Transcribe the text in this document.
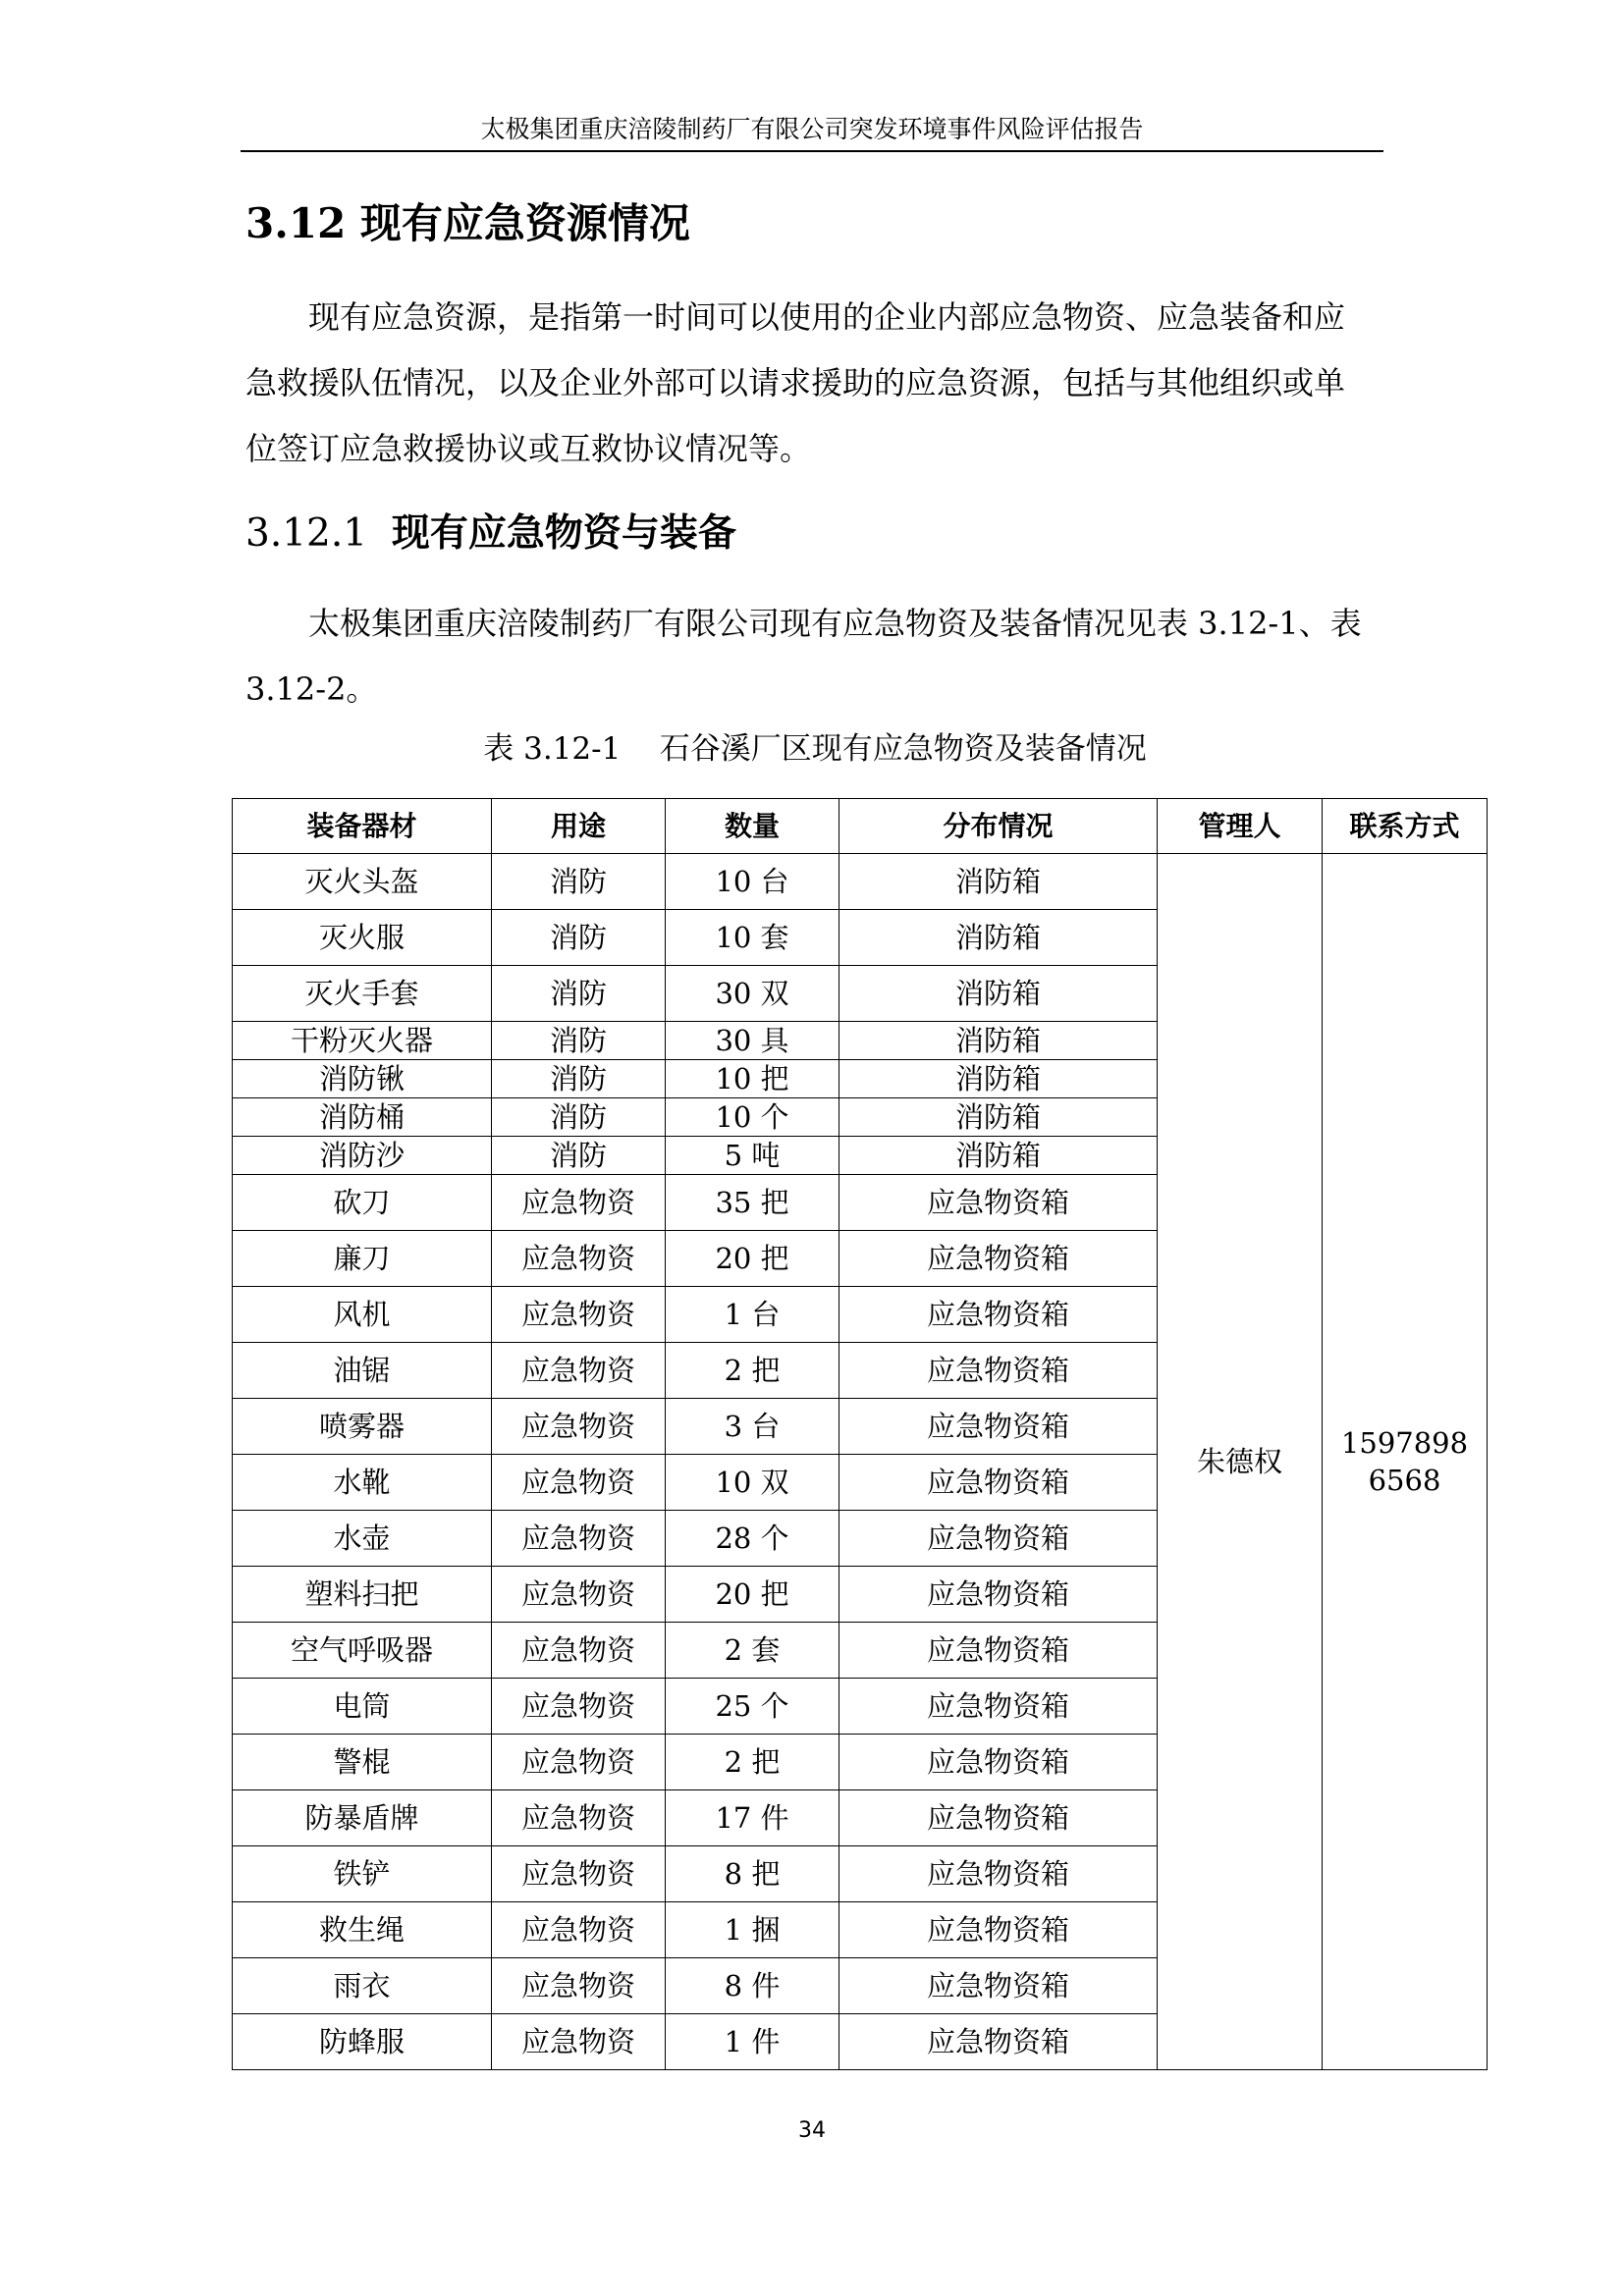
太极集团重庆涪陵制药厂有限公司突发环境事件风险评估报告
3.12 现有应急资源情况
现有应急资源，是指第一时间可以使用的企业内部应急物资、应急装备和应
急救援队伍情况，以及企业外部可以请求援助的应急资源，包括与其他组织或单
位签订应急救援协议或互救协议情况等。
3.12.1 现有应急物资与装备
太极集团重庆涪陵制药厂有限公司现有应急物资及装备情况见表 3.12-1、表
3.12-2。
表 3.12-1    石谷溪厂区现有应急物资及装备情况
装备器材	用途	数量	分布情况	管理人	联系方式
灭火头盔	消防	10 台	消防箱	朱德权	15978986568

灭火服	消防	10 套	消防箱		
灭火手套	消防	30 双	消防箱		
干粉灭火器	消防	30 具	消防箱		
消防锹	消防	10 把	消防箱		
消防桶	消防	10 个	消防箱		
消防沙	消防	5 吨	消防箱		
砍刀	应急物资	35 把	应急物资箱		
廉刀	应急物资	20 把	应急物资箱		
风机	应急物资	1 台	应急物资箱		
油锯	应急物资	2 把	应急物资箱		
喷雾器	应急物资	3 台	应急物资箱		
水靴	应急物资	10 双	应急物资箱		
水壶	应急物资	28 个	应急物资箱		
塑料扫把	应急物资	20 把	应急物资箱		
空气呼吸器	应急物资	2 套	应急物资箱		
电筒	应急物资	25 个	应急物资箱		
警棍	应急物资	2 把	应急物资箱		
防暴盾牌	应急物资	17 件	应急物资箱		
铁铲	应急物资	8 把	应急物资箱		
救生绳	应急物资	1 捆	应急物资箱		
雨衣	应急物资	8 件	应急物资箱		
防蜂服	应急物资	1 件	应急物资箱		
34
